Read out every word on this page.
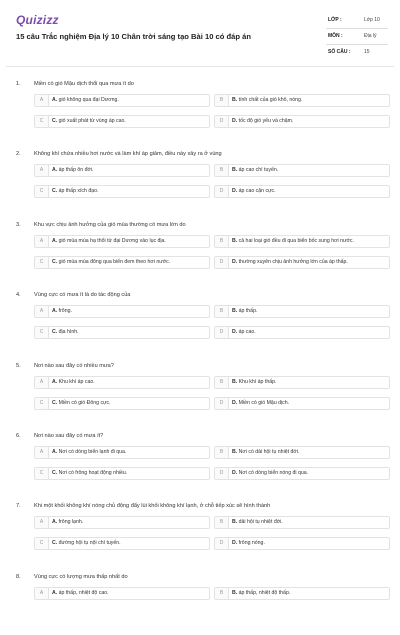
Quizizz
15 câu Trắc nghiệm Địa lý 10 Chân trời sáng tạo Bài 10 có đáp án
LỚP :	Lớp 10
MÔN :	Địa lý
SỐ CÂU :	15
1. Miền có gió Mậu dịch thổi qua mưa ít do
A	A. gió không qua đại Dương.	B	B. tính chất của gió khô, nóng.
C	C. gió xuất phát từ vùng áp cao.	D	D. tốc độ gió yếu và chậm.
2. Không khí chứa nhiều hơi nước và làm khí áp giảm, điều này xảy ra ở vùng
A	A. áp thấp ôn đới.	B	B. áp cao chí tuyến.
C	C. áp thấp xích đạo.	D	D. áp cao cận cực.
3. Khu vực chịu ảnh hưởng của gió mùa thường có mưa lớn do
A	A. gió mùa mùa hạ thổi từ đại Dương vào lục địa.	B	B. cả hai loại gió đều đi qua biển bốc sung hơi nước.
C	C. gió mùa mùa đông qua biển đem theo hơi nước.	D	D. thường xuyên chịu ảnh hưởng lớn của áp thấp.
4. Vùng cực có mưa ít là do tác động của
A	A. frông.	B	B. áp thấp.
C	C. địa hình.	D	D. áp cao.
5. Nơi nào sau đây có nhiều mưa?
A	A. Khu khí áp cao.	B	B. Khu khí áp thấp.
C	C. Miền có gió Đông cực.	D	D. Miền có gió Mậu dịch.
6. Nơi nào sau đây có mưa ít?
A	A. Nơi có dòng biển lạnh đi qua.	B	B. Nơi có dải hội tụ nhiệt đới.
C	C. Nơi có frông hoạt động nhiều.	D	D. Nơi có dòng biển nóng đi qua.
7. Khi một khối không khí nóng chủ động đẩy lùi khối không khí lạnh, ở chỗ tiếp xúc sẽ hình thành
A	A. frông lạnh.	B	B. dải hội tụ nhiệt đới.
C	C. đường hội tụ nội chí tuyến.	D	D. frông nóng.
8. Vùng cực có lượng mưa thấp nhất do
A	A. áp thấp, nhiệt độ cao.	B	B. áp thấp, nhiệt độ thấp.
